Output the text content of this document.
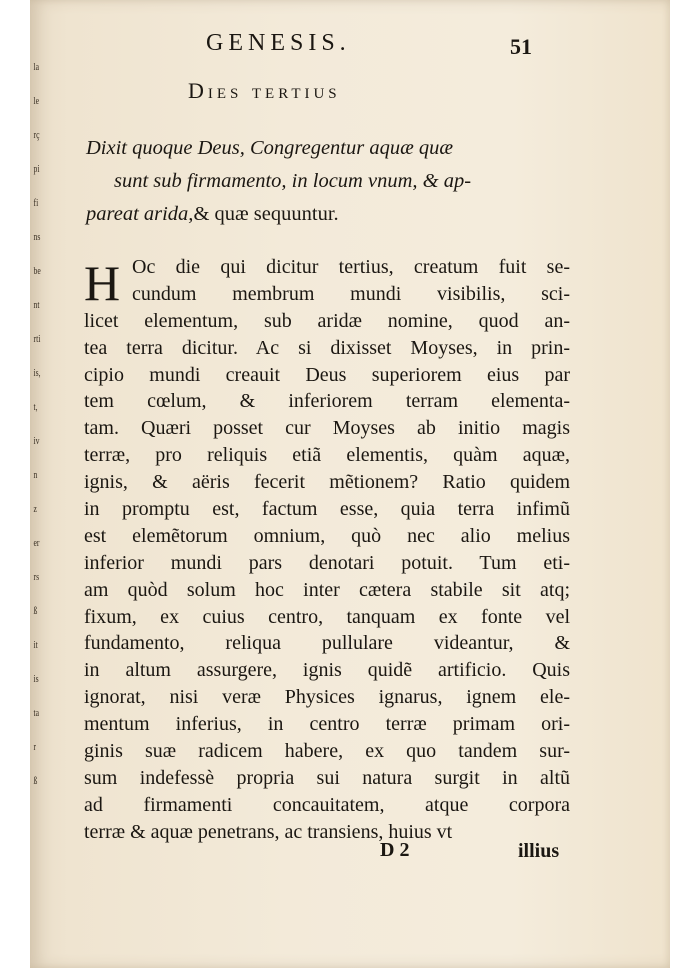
la
le
rç
pi
fi
ns
be
nt
rti
is,
t,
iv
n
z
er
rs
ß
it
is
ta
r
ß
GENESIS.	51
Dies tertius
Dixit quoque Deus, Congregentur aquæ quæ
sunt sub firmamento, in locum vnum, & ap-
pareat arida,& quæ sequuntur.
H Oc die qui dicitur tertius, creatum fuit se-
cundum membrum mundi visibilis, sci-
licet elementum, sub aridæ nomine, quod an-
tea terra dicitur. Ac si dixisset Moyses, in prin-
cipio mundi creauit Deus superiorem eius par
tem cœlum, & inferiorem terram elementa-
tam. Quæri posset cur Moyses ab initio magis
terræ, pro reliquis etiã elementis, quàm aquæ,
ignis, & aëris fecerit mẽtionem? Ratio quidem
in promptu est, factum esse, quia terra infimũ
est elemẽtorum omnium, quò nec alio melius
inferior mundi pars denotari potuit. Tum eti-
am quòd solum hoc inter cætera stabile sit atq;
fixum, ex cuius centro, tanquam ex fonte vel
fundamento, reliqua pullulare videantur, &
in altum assurgere, ignis quidẽ artificio. Quis
ignorat, nisi veræ Physices ignarus, ignem ele-
mentum inferius, in centro terræ primam ori-
ginis suæ radicem habere, ex quo tandem sur-
sum indefessè propria sui natura surgit in altũ
ad firmamenti concauitatem, atque corpora
terræ & aquæ penetrans, ac transiens, huius vt
D 2	illius
